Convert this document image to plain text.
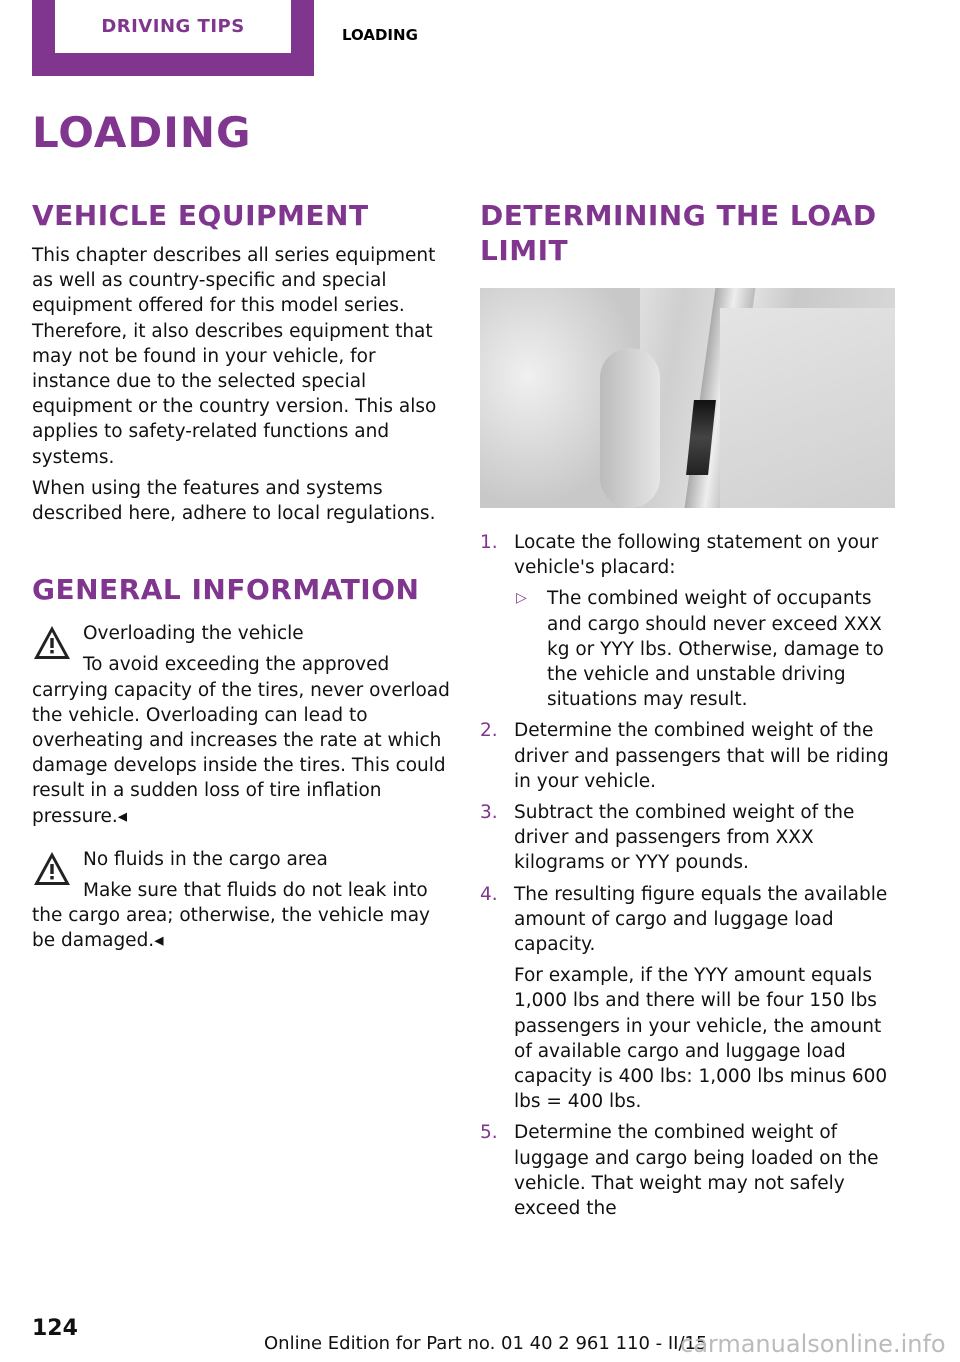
DRIVING TIPS	LOADING
LOADING
VEHICLE EQUIPMENT

This chapter describes all series equipment as well as country-specific and special equipment offered for this model series. Therefore, it also describes equipment that may not be found in your vehicle, for instance due to the selected special equipment or the country version. This also applies to safety-related functions and systems.

When using the features and systems described here, adhere to local regulations.

GENERAL INFORMATION

Overloading the vehicle

To avoid exceeding the approved carrying capacity of the tires, never overload the vehicle. Overloading can lead to overheating and increases the rate at which damage develops inside the tires. This could result in a sudden loss of tire inflation pressure.◂

No fluids in the cargo area

Make sure that fluids do not leak into the cargo area; otherwise, the vehicle may be damaged.◂

DETERMINING THE LOAD LIMIT
1. Locate the following statement on your vehicle's placard:

▷ The combined weight of occupants and cargo should never exceed XXX kg or YYY lbs. Otherwise, damage to the vehicle and unstable driving situations may result.

2. Determine the combined weight of the driver and passengers that will be riding in your vehicle.

3. Subtract the combined weight of the driver and passengers from XXX kilograms or YYY pounds.

4. The resulting figure equals the available amount of cargo and luggage load capacity.

For example, if the YYY amount equals 1,000 lbs and there will be four 150 lbs passengers in your vehicle, the amount of available cargo and luggage load capacity is 400 lbs: 1,000 lbs minus 600 lbs = 400 lbs.

5. Determine the combined weight of luggage and cargo being loaded on the vehicle. That weight may not safely exceed the

124
Online Edition for Part no. 01 40 2 961 110 - II/15
carmanualsonline.info
